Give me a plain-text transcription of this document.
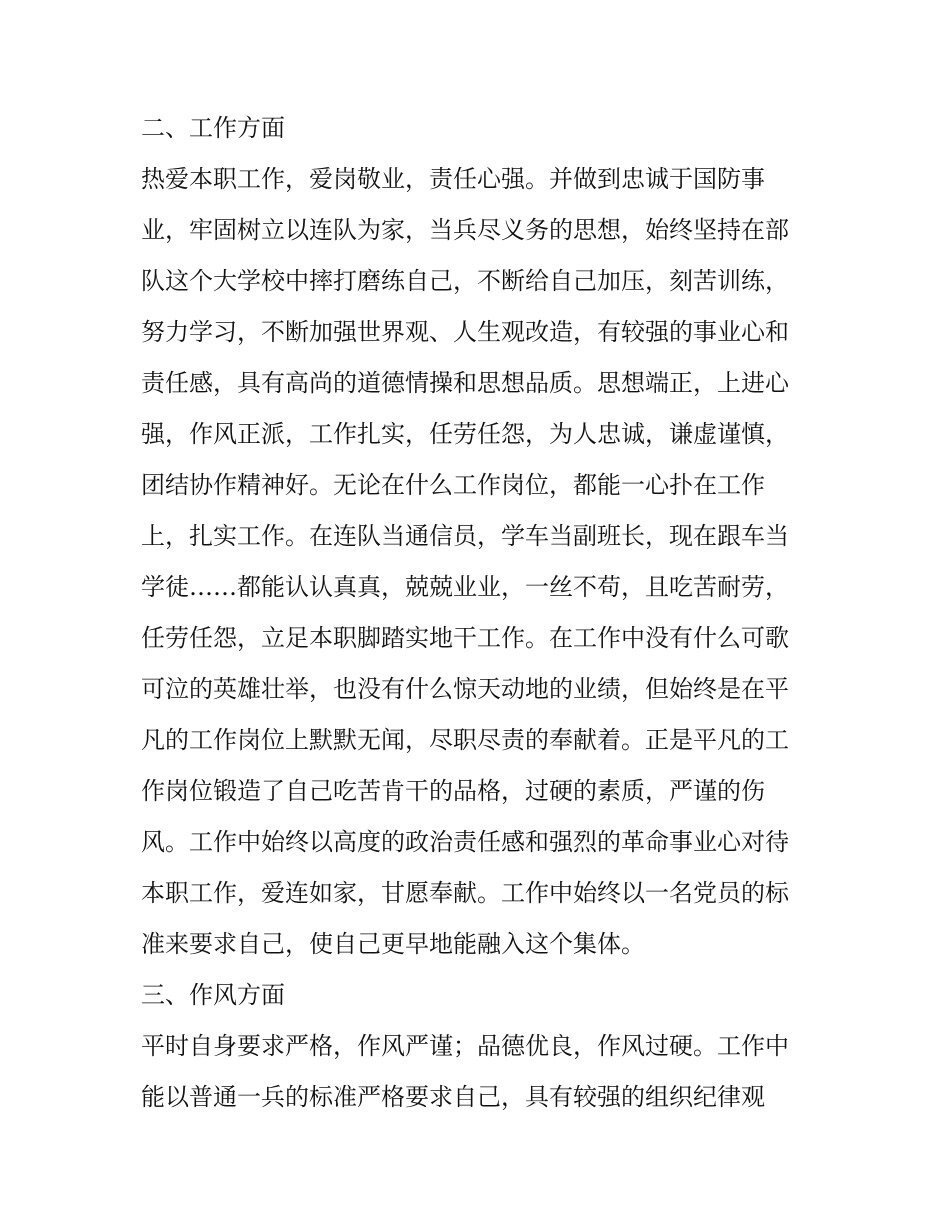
二、工作方面
热爱本职工作，爱岗敬业，责任心强。并做到忠诚于国防事
业，牢固树立以连队为家，当兵尽义务的思想，始终坚持在部
队这个大学校中摔打磨练自己，不断给自己加压，刻苦训练，
努力学习，不断加强世界观、人生观改造，有较强的事业心和
责任感，具有高尚的道德情操和思想品质。思想端正，上进心
强，作风正派，工作扎实，任劳任怨，为人忠诚，谦虚谨慎，
团结协作精神好。无论在什么工作岗位，都能一心扑在工作
上，扎实工作。在连队当通信员，学车当副班长，现在跟车当
学徒……都能认认真真，兢兢业业，一丝不苟，且吃苦耐劳，
任劳任怨，立足本职脚踏实地干工作。在工作中没有什么可歌
可泣的英雄壮举，也没有什么惊天动地的业绩，但始终是在平
凡的工作岗位上默默无闻，尽职尽责的奉献着。正是平凡的工
作岗位锻造了自己吃苦肯干的品格，过硬的素质，严谨的伤
风。工作中始终以高度的政治责任感和强烈的革命事业心对待
本职工作，爱连如家，甘愿奉献。工作中始终以一名党员的标
准来要求自己，使自己更早地能融入这个集体。
三、作风方面
平时自身要求严格，作风严谨；品德优良，作风过硬。工作中
能以普通一兵的标准严格要求自己，具有较强的组织纪律观
